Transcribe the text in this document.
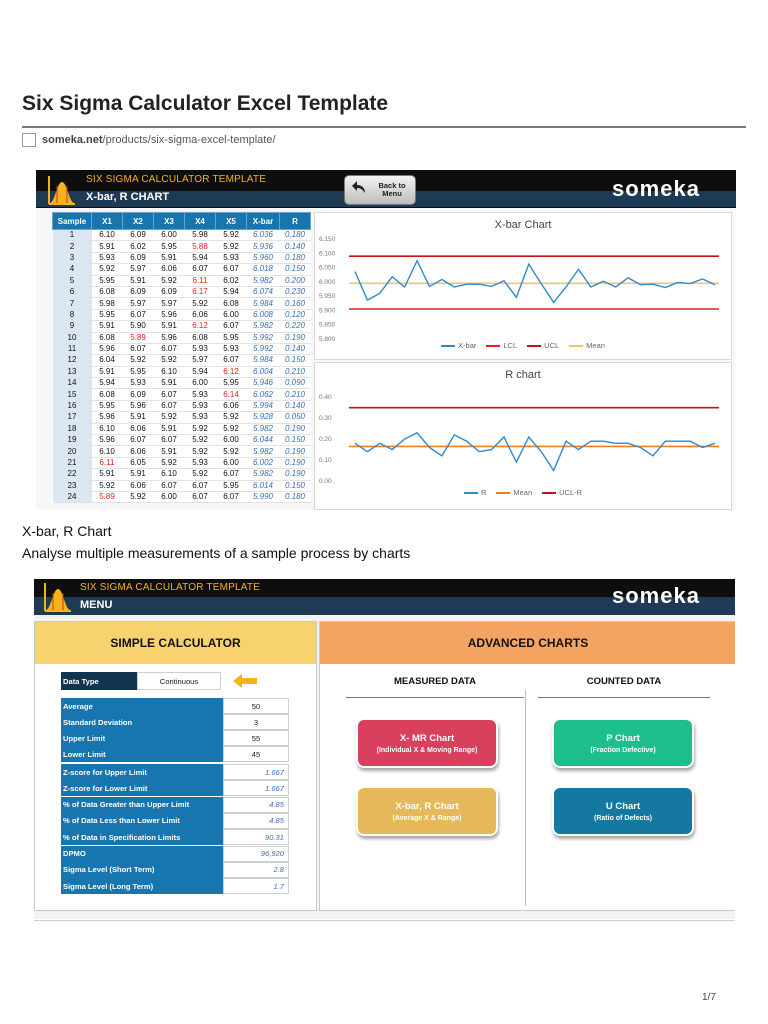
Six Sigma Calculator Excel Template
someka.net/products/six-sigma-excel-template/
SIX SIGMA CALCULATOR TEMPLATE
X-bar, R CHART
Back to Menu	someka
Sample	X1	X2	X3	X4	X5	X-bar	R
1	6.10	6.09	6.00	5.98	5.92	6.036	0.180
2	5.91	6.02	5.95	5.88	5.92	5.936	0.140
3	5.93	6.09	5.91	5.94	5.93	5.960	0.180
4	5.92	5.97	6.06	6.07	6.07	6.018	0.150
5	5.95	5.91	5.92	6.11	6.02	5.982	0.200
6	6.08	6.09	6.09	6.17	5.94	6.074	0.230
7	5.98	5.97	5.97	5.92	6.08	5.984	0.160
8	5.95	6.07	5.96	6.06	6.00	6.008	0.120
9	5.91	5.90	5.91	6.12	6.07	5.982	0.220
10	6.08	5.89	5.96	6.08	5.95	5.992	0.190
11	5.96	6.07	6.07	5.93	5.93	5.992	0.140
12	6.04	5.92	5.92	5.97	6.07	5.984	0.150
13	5.91	5.95	6.10	5.94	6.12	6.004	0.210
14	5.94	5.93	5.91	6.00	5.95	5.946	0.090
15	6.08	6.09	6.07	5.93	6.14	6.062	0.210
16	5.95	5.96	6.07	5.93	6.06	5.994	0.140
17	5.96	5.91	5.92	5.93	5.92	5.928	0.050
18	6.10	6.06	5.91	5.92	5.92	5.982	0.190
19	5.96	6.07	6.07	5.92	6.00	6.044	0.150
20	6.10	6.06	5.91	5.92	5.92	5.982	0.190
21	6.11	6.05	5.92	5.93	6.00	6.002	0.190
22	5.91	5.91	6.10	5.92	6.07	5.982	0.190
23	5.92	6.06	6.07	6.07	5.95	6.014	0.150
24	5.89	5.92	6.00	6.07	6.07	5.990	0.180
X-bar Chart
6.150
6.100
6.050
6.000
5.950
5.900
5.850
5.800
X-bar	LCL	UCL	Mean
R chart
0.40
0.30
0.20
0.10
0.00
R	Mean	UCL-R
X-bar, R Chart
Analyse multiple measurements of a sample process by charts
SIX SIGMA CALCULATOR TEMPLATE
MENU	someka
SIMPLE CALCULATOR
Data Type	Continuous
Average	50
Standard Deviation	3
Upper Limit	55
Lower Limit	45
Z-score for Upper Limit	1.667
Z-score for Lower Limit	1.667
% of Data Greater than Upper Limit	4.85
% of Data Less than Lower Limit	4.85
% of Data in Specification Limits	90.31
DPMO	96,920
Sigma Level (Short Term)	2.8
Sigma Level (Long Term)	1.7
ADVANCED CHARTS
MEASURED DATA	COUNTED DATA
X- MR Chart
(Individual X & Moving Range)
X-bar, R Chart
(Average X & Range)
P Chart
(Fraction Defective)
U Chart
(Ratio of Defects)
1/7
